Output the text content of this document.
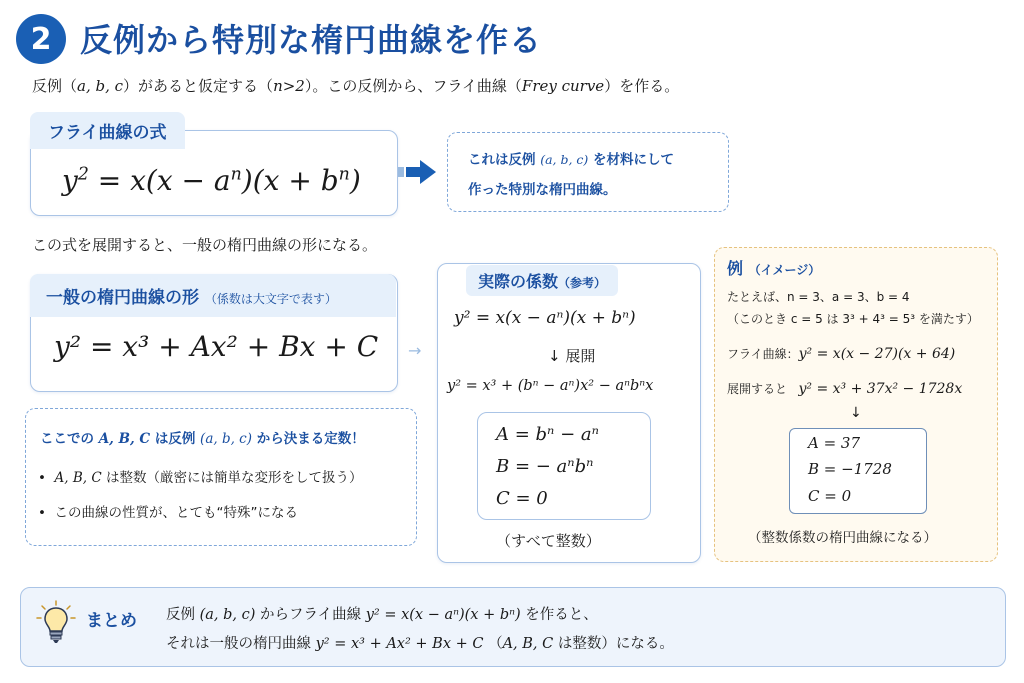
2 反例から特別な楕円曲線を作る
反例（a, b, c）があると仮定する（n>2）。この反例から、フライ曲線（Frey curve）を作る。
フライ曲線の式
$y^2 = x(x - a^n)(x + b^n)$
これは反例 (a, b, c) を材料にして
作った特別な楕円曲線。
この式を展開すると、一般の楕円曲線の形になる。
一般の楕円曲線の形 （係数は大文字で表す）
y² = x³ + Ax² + Bx + C →
ここでの A, B, C は反例 (a, b, c) から決まる定数！
•  A, B, C は整数（厳密には簡単な変形をして扱う）
•  この曲線の性質が、とても“特殊”になる
実際の係数（参考）
y² = x(x − aⁿ)(x + bⁿ)
↓ 展開
y² = x³ + (bⁿ − aⁿ)x² − aⁿbⁿx
A = bⁿ − aⁿ
B = − aⁿbⁿ
C = 0
（すべて整数）
例 （イメージ）
たとえば、n = 3、a = 3、b = 4
（このとき c = 5 は 3³ + 4³ = 5³ を満たす）
フライ曲線：y² = x(x − 27)(x + 64)
展開すると y² = x³ + 37x² − 1728x
↓
A = 37
B = −1728
C = 0
（整数係数の楕円曲線になる）
まとめ 反例 (a, b, c) からフライ曲線 y² = x(x − aⁿ)(x + bⁿ) を作ると、
それは一般の楕円曲線 y² = x³ + Ax² + Bx + C （A, B, C は整数）になる。
